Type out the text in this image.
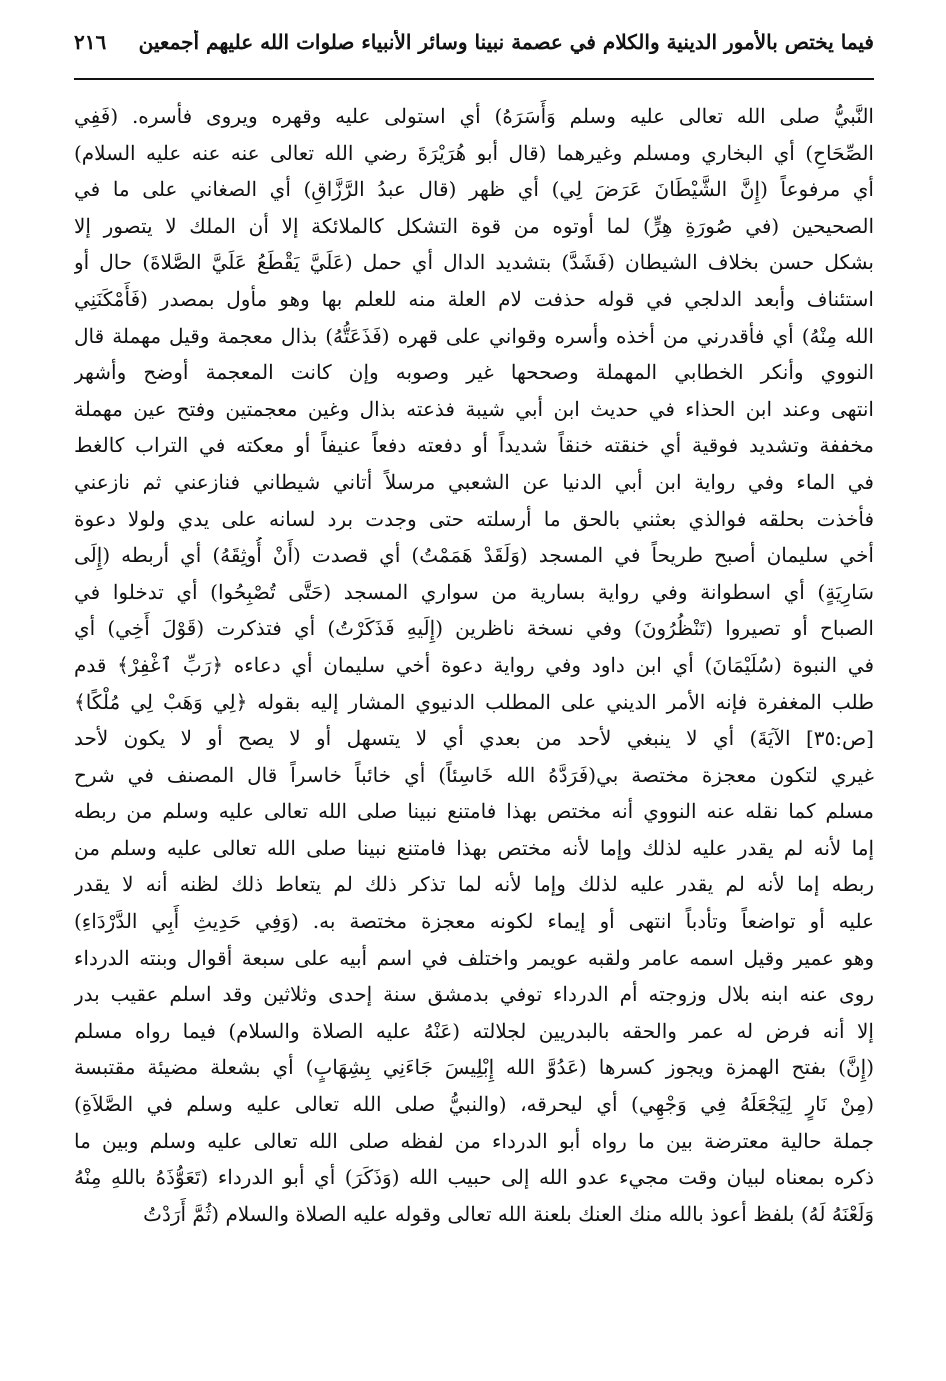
فيما يختص بالأمور الدينية والكلام في عصمة نبينا وسائر الأنبياء صلوات الله عليهم أجمعين
٢١٦
النَّبيُّ صلى الله تعالى عليه وسلم وَأَسَرَهُ) أي استولى عليه وقهره ويروى فأسره. (فَفِي
الصِّحَاحِ) أي البخاري ومسلم وغيرهما (قال أبو هُرَيْرَةَ رضي الله تعالى عنه عنه عليه السلام)
أي مرفوعاً (إِنَّ الشَّيْطَانَ عَرَضَ لِي) أي ظهر (قال عبدُ الرَّزَّاقِ) أي الصغاني على ما في
الصحيحين (في صُورَةِ هِرٍّ) لما أوتوه من قوة التشكل كالملائكة إلا أن الملك لا يتصور إلا
بشكل حسن بخلاف الشيطان (فَشَدَّ) بتشديد الدال أي حمل (عَلَيَّ يَقْطَعُ عَلَيَّ الصَّلاةَ) حال أو
استئناف وأبعد الدلجي في قوله حذفت لام العلة منه للعلم بها وهو مأول بمصدر (فَأَمْكَنَنِي
الله مِنْهُ) أي فأقدرني من أخذه وأسره وقواني على قهره (فَذَعَتُّهُ) بذال معجمة وقيل مهملة قال
النووي وأنكر الخطابي المهملة وصححها غير وصوبه وإن كانت المعجمة أوضح وأشهر
انتهى وعند ابن الحذاء في حديث ابن أبي شيبة فذعته بذال وغين معجمتين وفتح عين مهملة
مخففة وتشديد فوقية أي خنقته خنقاً شديداً أو دفعته دفعاً عنيفاً أو معكته في التراب كالغط
في الماء وفي رواية ابن أبي الدنيا عن الشعبي مرسلاً أتاني شيطاني فنازعني ثم نازعني
فأخذت بحلقه فوالذي بعثني بالحق ما أرسلته حتى وجدت برد لسانه على يدي ولولا دعوة
أخي سليمان أصبح طريحاً في المسجد (وَلَقَدْ هَمَمْتُ) أي قصدت (أَنْ أُوثِقَهُ) أي أربطه (إِلَى
سَارِيَةٍ) أي اسطوانة وفي رواية بسارية من سواري المسجد (حَتَّى تُصْبِحُوا) أي تدخلوا في
الصباح أو تصيروا (تَنْظُرُونَ) وفي نسخة ناظرين (إِلَيهِ فَذَكَرْتُ) أي فتذكرت (قَوْلَ أَخِي) أي
في النبوة (سُلَيْمَانَ) أي ابن داود وفي رواية دعوة أخي سليمان أي دعاءه ﴿رَبِّ ٱغْفِرْ﴾ قدم
طلب المغفرة فإنه الأمر الديني على المطلب الدنيوي المشار إليه بقوله ﴿لِي وَهَبْ لِي مُلْكًا﴾
[ص:٣٥] الآيَةَ) أي لا ينبغي لأحد من بعدي أي لا يتسهل أو لا يصح أو لا يكون لأحد
غيري لتكون معجزة مختصة بي(فَرَدَّهُ الله خَاسِئاً) أي خائباً خاسراً قال المصنف في شرح
مسلم كما نقله عنه النووي أنه مختص بهذا فامتنع نبينا صلى الله تعالى عليه وسلم من ربطه
إما لأنه لم يقدر عليه لذلك وإما لأنه مختص بهذا فامتنع نبينا صلى الله تعالى عليه وسلم من
ربطه إما لأنه لم يقدر عليه لذلك وإما لأنه لما تذكر ذلك لم يتعاط ذلك لظنه أنه لا يقدر
عليه أو تواضعاً وتأدباً انتهى أو إيماء لكونه معجزة مختصة به. (وَفِي حَدِيثِ أَبِي الدَّرْدَاءِ)
وهو عمير وقيل اسمه عامر ولقبه عويمر واختلف في اسم أبيه على سبعة أقوال وبنته الدرداء
روى عنه ابنه بلال وزوجته أم الدرداء توفي بدمشق سنة إحدى وثلاثين وقد اسلم عقيب بدر
إلا أنه فرض له عمر والحقه بالبدريين لجلالته (عَنْهُ عليه الصلاة والسلام) فيما رواه مسلم
(إِنَّ) بفتح الهمزة ويجوز كسرها (عَدُوَّ الله إِبْلِيسَ جَاءَنِي بِشِهَابٍ) أي بشعلة مضيئة مقتبسة
(مِنْ نَارٍ لِيَجْعَلَهُ فِي وَجْهِي) أي ليحرقه، (والنبيُّ صلى الله تعالى عليه وسلم في الصَّلاَةِ)
جملة حالية معترضة بين ما رواه أبو الدرداء من لفظه صلى الله تعالى عليه وسلم وبين ما
ذكره بمعناه لبيان وقت مجيء عدو الله إلى حبيب الله (وَذَكَرَ) أي أبو الدرداء (تَعَوُّذَهُ باللهِ مِنْهُ
وَلَعْنَهُ لَهُ) بلفظ أعوذ بالله منك العنك بلعنة الله تعالى وقوله عليه الصلاة والسلام (ثُمَّ أَرَدْتُ
